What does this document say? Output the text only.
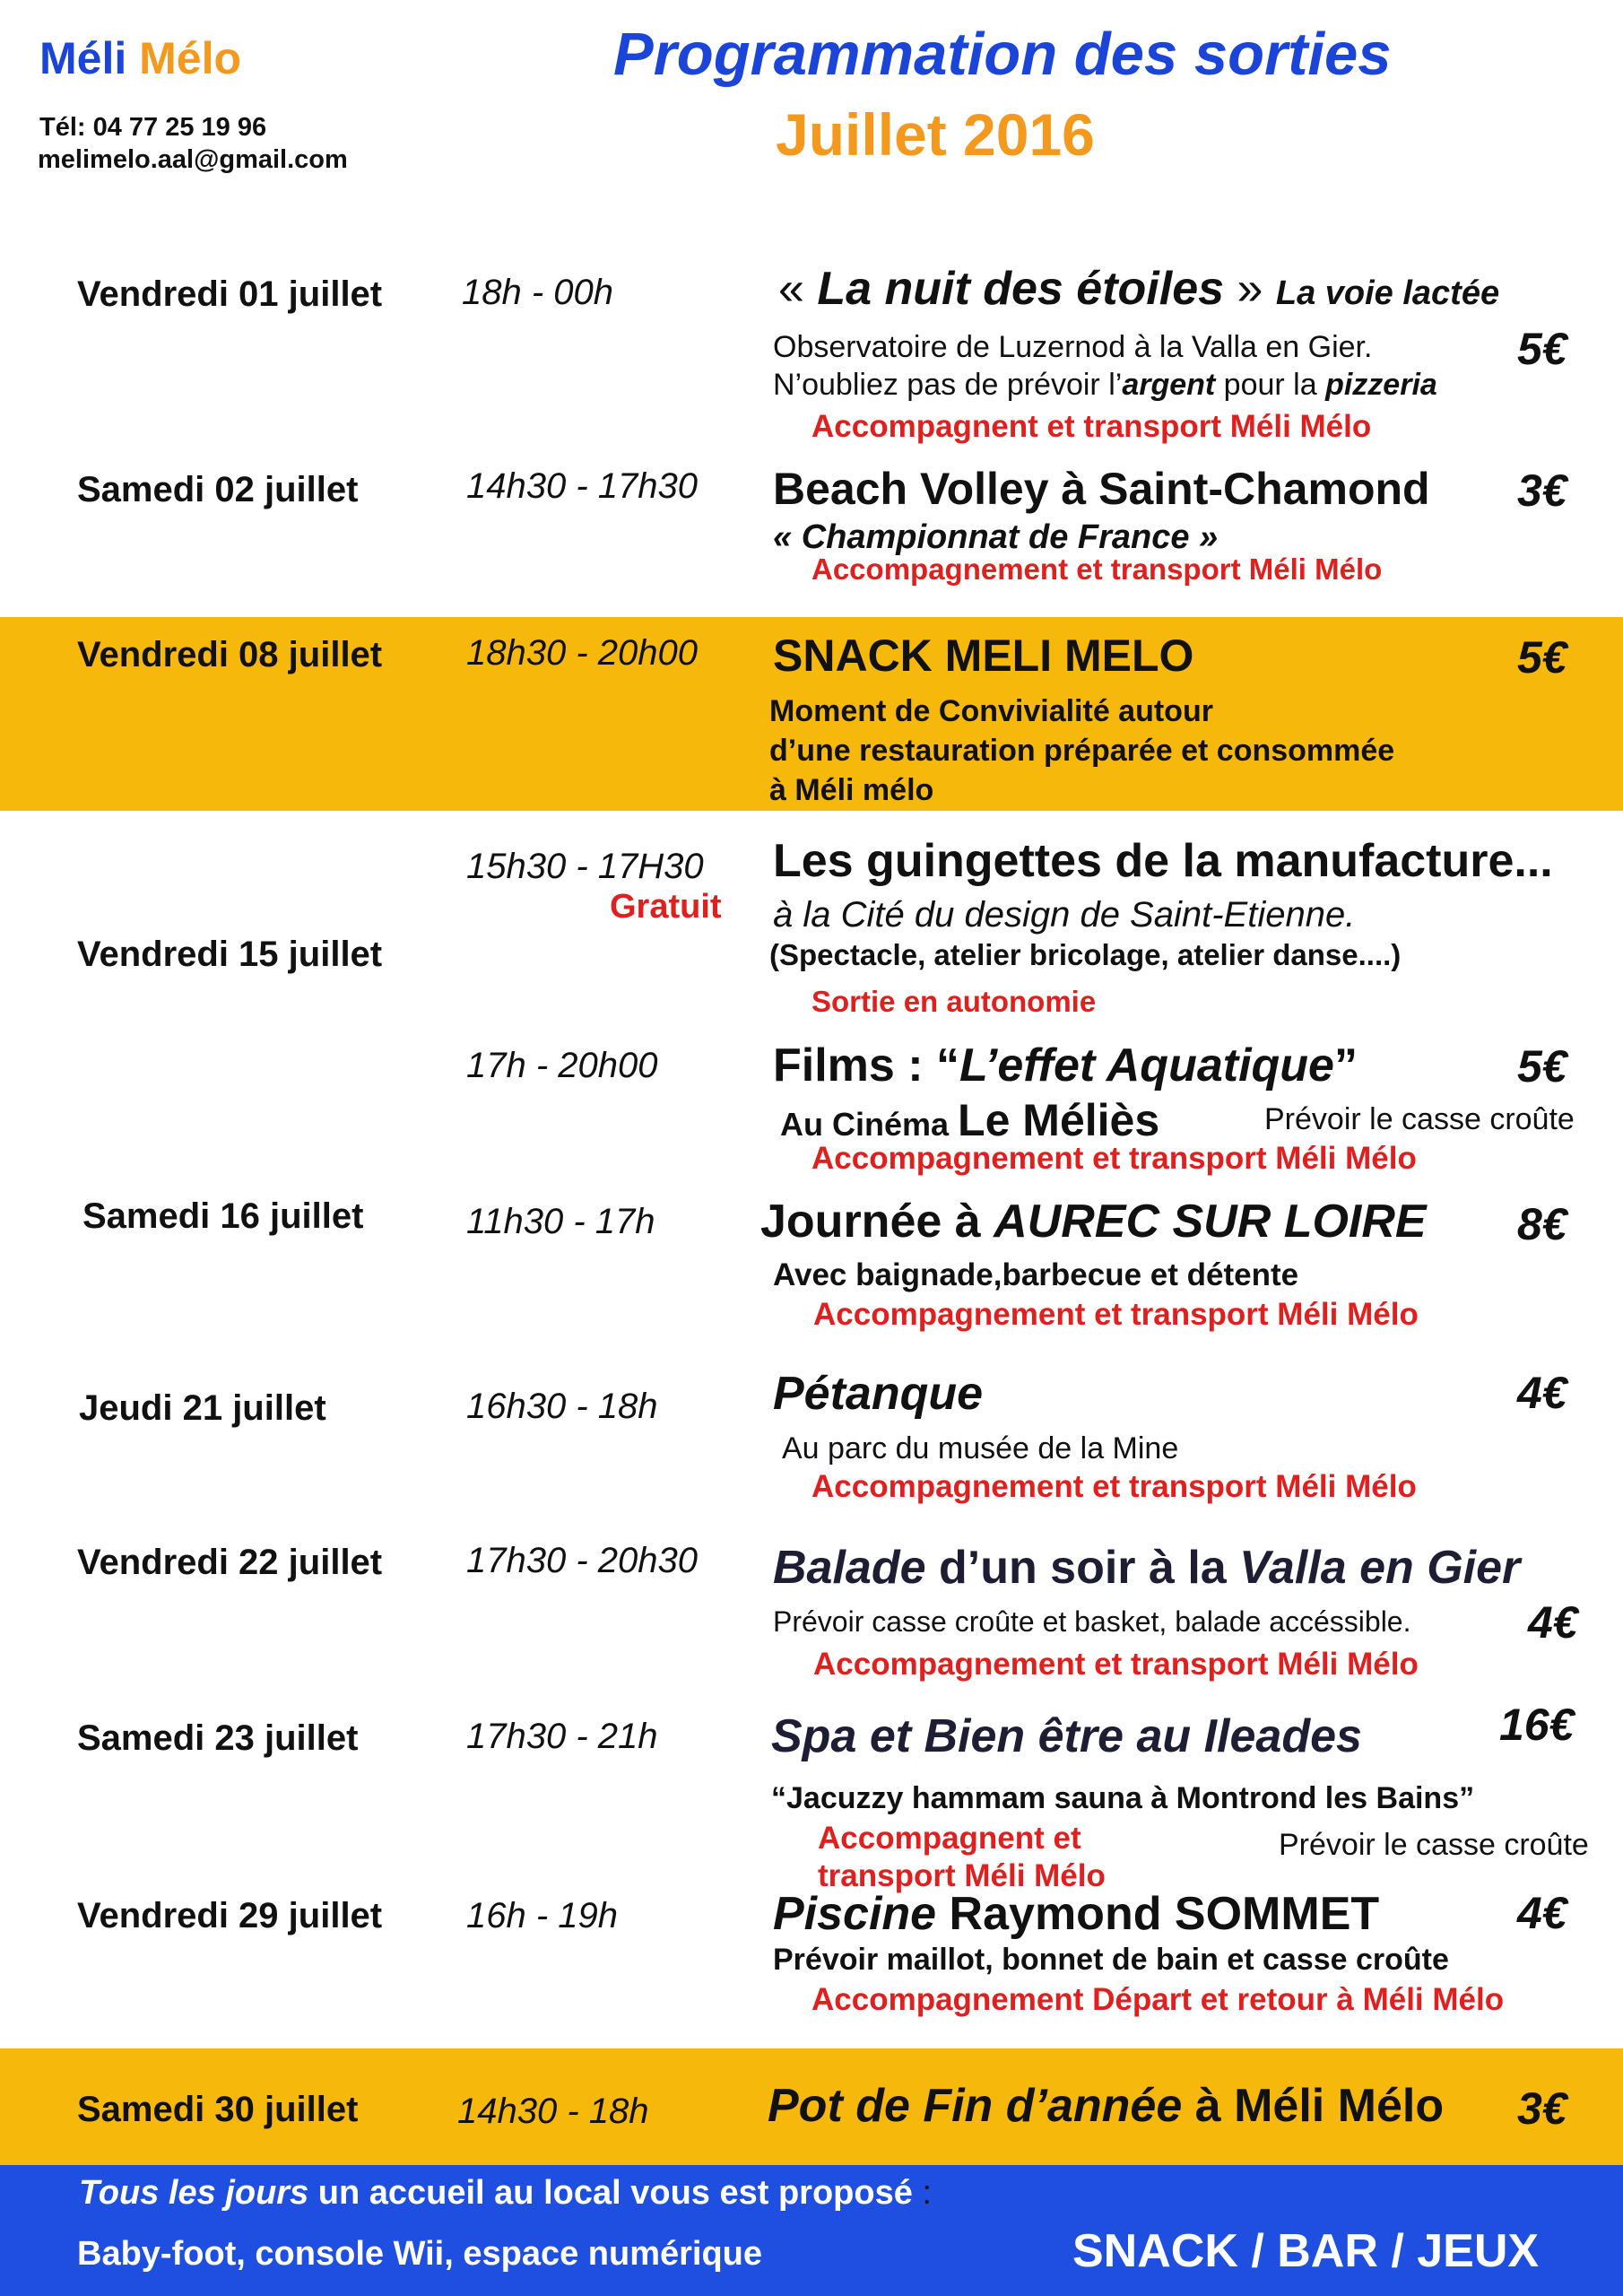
Méli Mélo
Tél: 04 77 25 19 96
melimelo.aal@gmail.com
Programmation des sorties
Juillet 2016
Vendredi 01 juillet 18h - 00h	« La nuit des étoiles » La voie lactée
Observatoire de Luzernod à la Valla en Gier.
N’oubliez pas de prévoir l’argent pour la pizzeria
Accompagnent et transport Méli Mélo
5€
Samedi 02 juillet	14h30 - 17h30 Beach Volley à Saint-Chamond
« Championnat de France »
Accompagnement et transport Méli Mélo
3€
Vendredi 08 juillet 18h30 - 20h00 SNACK MELI MELO
Moment de Convivialité autour
d’une restauration préparée et consommée
à Méli mélo
5€
Vendredi 15 juillet
15h30 - 17H30
Gratuit
Les guingettes de la manufacture...
à la Cité du design de Saint-Etienne.
(Spectacle, atelier bricolage, atelier danse....)
Sortie en autonomie
17h - 20h00 Films : “L’effet Aquatique”
Au Cinéma Le Méliès	Prévoir le casse croûte
Accompagnement et transport Méli Mélo
5€
Samedi 16 juillet	11h30 - 17h Journée à AUREC SUR LOIRE
Avec baignade,barbecue et détente
Accompagnement et transport Méli Mélo
8€
Jeudi 21 juillet	16h30 - 18h Pétanque
Au parc du musée de la Mine
Accompagnement et transport Méli Mélo
4€
Vendredi 22 juillet 17h30 - 20h30 Balade d’un soir à la Valla en Gier
Prévoir casse croûte et basket, balade accéssible.
Accompagnement et transport Méli Mélo
4€
Samedi 23 juillet	17h30 - 21h Spa et Bien être au Ileades
“Jacuzzy hammam sauna à Montrond les Bains”
Accompagnent et
transport Méli Mélo
Prévoir le casse croûte
16€
Vendredi 29 juillet 16h - 19h	Piscine Raymond SOMMET
Prévoir maillot, bonnet de bain et casse croûte
Accompagnement Départ et retour à Méli Mélo
4€
Samedi 30 juillet	14h30 - 18h	Pot de Fin d’année à Méli Mélo 3€
Tous les jours un accueil au local vous est proposé :
Baby-foot, console Wii, espace numérique	SNACK / BAR / JEUX
